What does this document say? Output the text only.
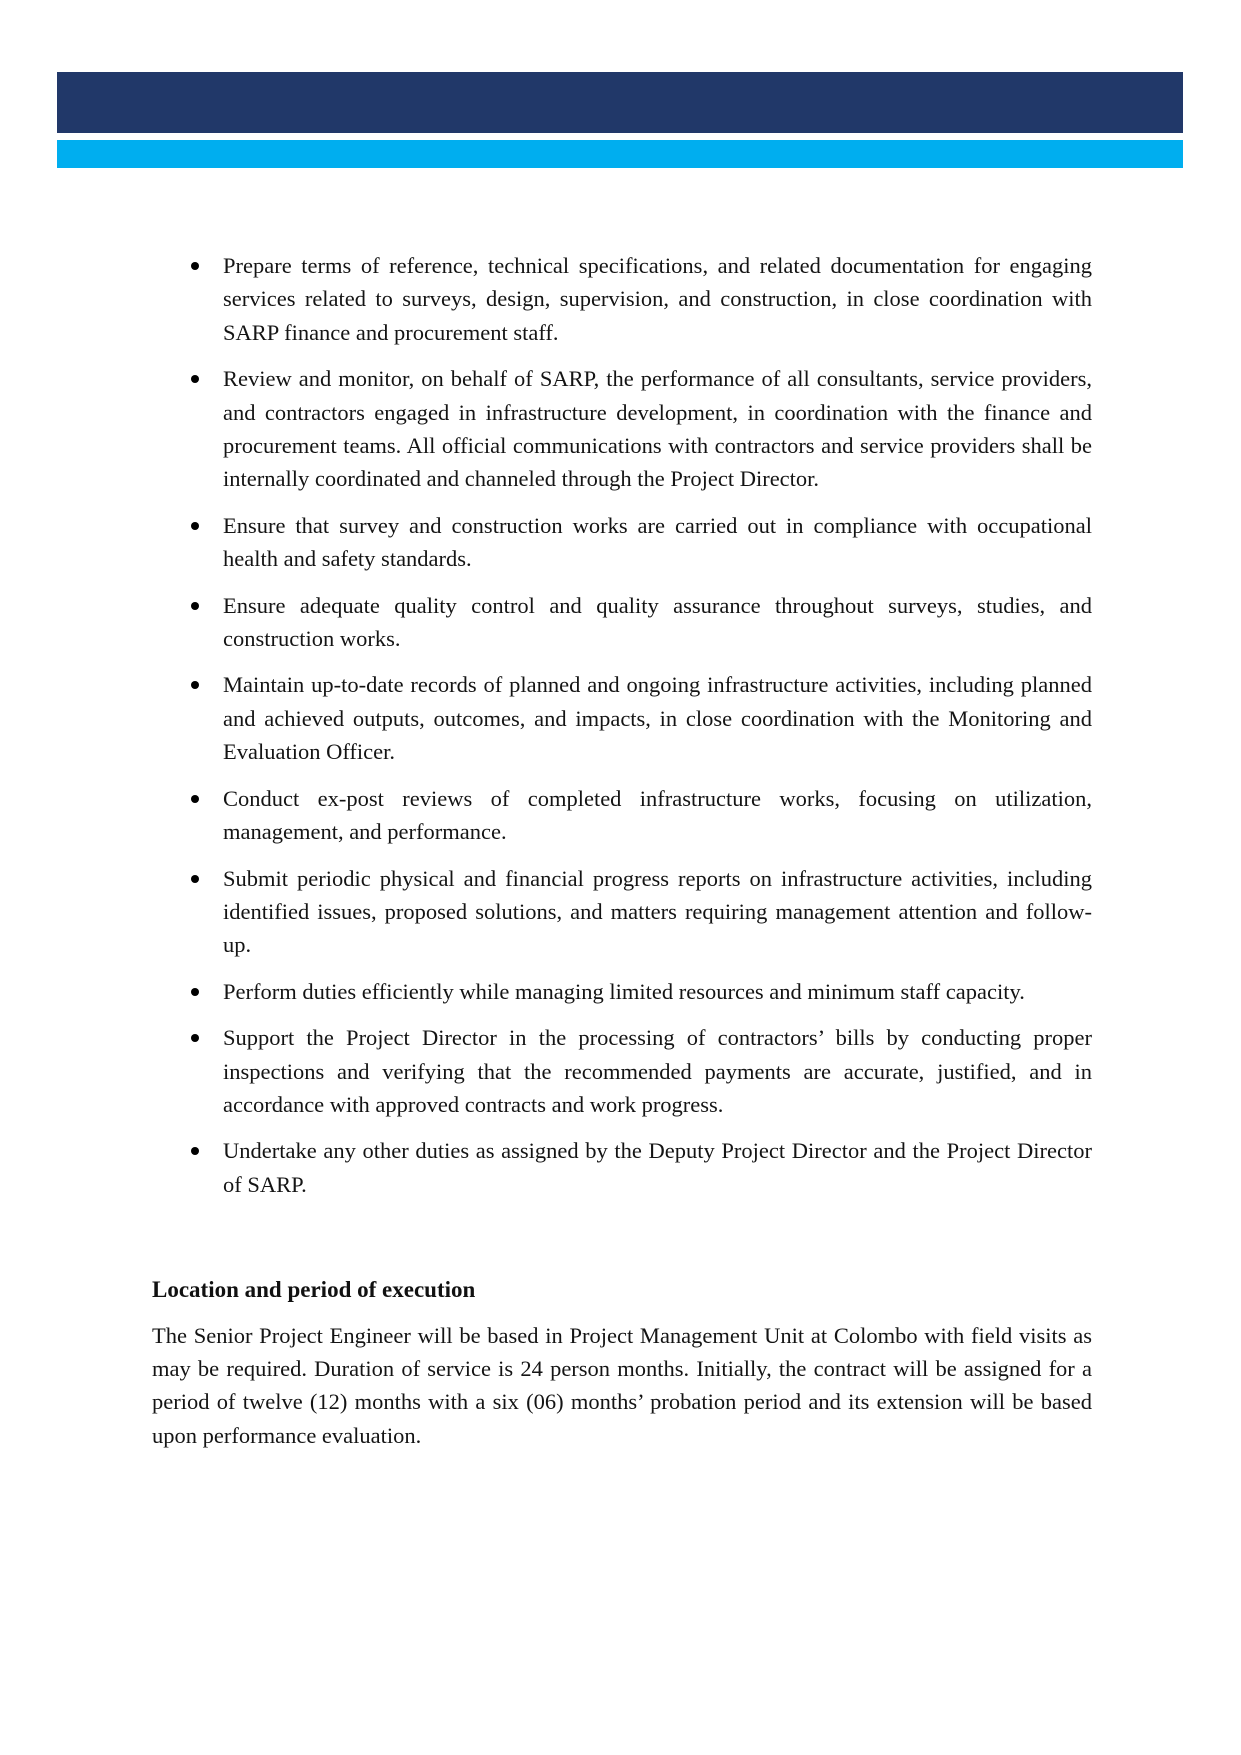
Prepare terms of reference, technical specifications, and related documentation for engaging services related to surveys, design, supervision, and construction, in close coordination with SARP finance and procurement staff.
Review and monitor, on behalf of SARP, the performance of all consultants, service providers, and contractors engaged in infrastructure development, in coordination with the finance and procurement teams. All official communications with contractors and service providers shall be internally coordinated and channeled through the Project Director.
Ensure that survey and construction works are carried out in compliance with occupational health and safety standards.
Ensure adequate quality control and quality assurance throughout surveys, studies, and construction works.
Maintain up-to-date records of planned and ongoing infrastructure activities, including planned and achieved outputs, outcomes, and impacts, in close coordination with the Monitoring and Evaluation Officer.
Conduct ex-post reviews of completed infrastructure works, focusing on utilization, management, and performance.
Submit periodic physical and financial progress reports on infrastructure activities, including identified issues, proposed solutions, and matters requiring management attention and follow-up.
Perform duties efficiently while managing limited resources and minimum staff capacity.
Support the Project Director in the processing of contractors’ bills by conducting proper inspections and verifying that the recommended payments are accurate, justified, and in accordance with approved contracts and work progress.
Undertake any other duties as assigned by the Deputy Project Director and the Project Director of SARP.
Location and period of execution

The Senior Project Engineer will be based in Project Management Unit at Colombo with field visits as may be required. Duration of service is 24 person months. Initially, the contract will be assigned for a period of twelve (12) months with a six (06) months’ probation period and its extension will be based upon performance evaluation.
